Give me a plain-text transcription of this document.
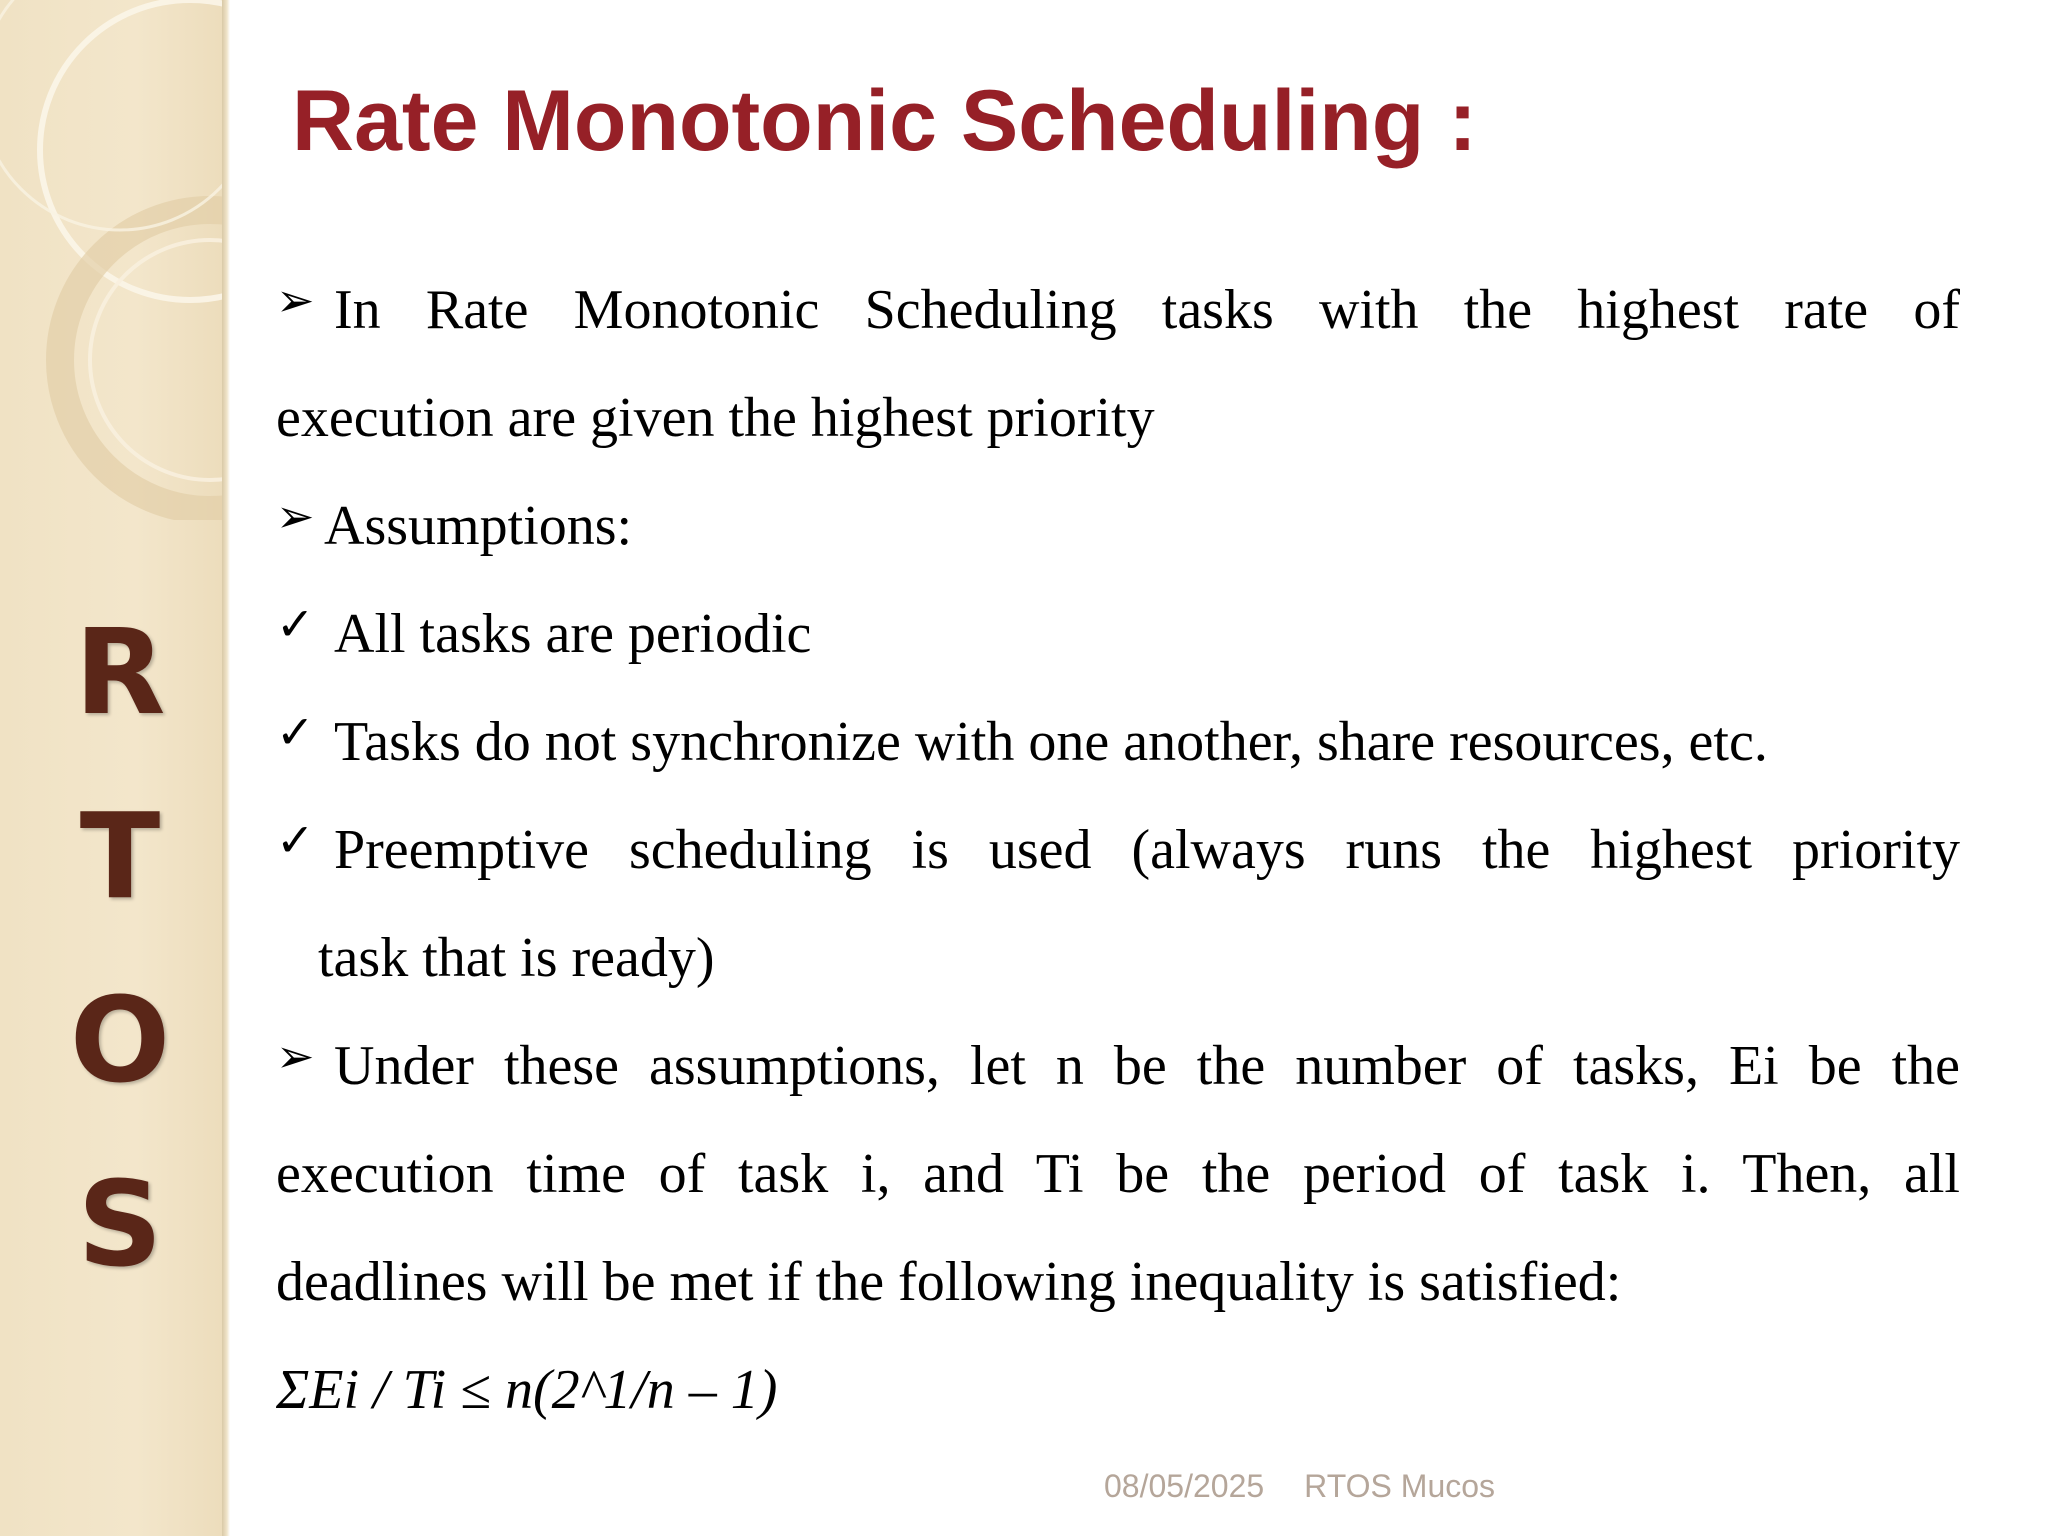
R
T
O
S
Rate Monotonic Scheduling :
➢ In Rate Monotonic Scheduling tasks with the highest rate of
execution are given the highest priority
➢ Assumptions:
✓ All tasks are periodic
✓ Tasks do not synchronize with one another, share resources, etc.
✓ Preemptive scheduling is used (always runs the highest priority
task that is ready)
➢ Under these assumptions, let n be the number of tasks, Ei be the
execution time of task i, and Ti be the period of task i. Then, all
deadlines will be met if the following inequality is satisfied:
ΣEi / Ti ≤ n(2^1/n – 1)
08/05/2025 RTOS Mucos
